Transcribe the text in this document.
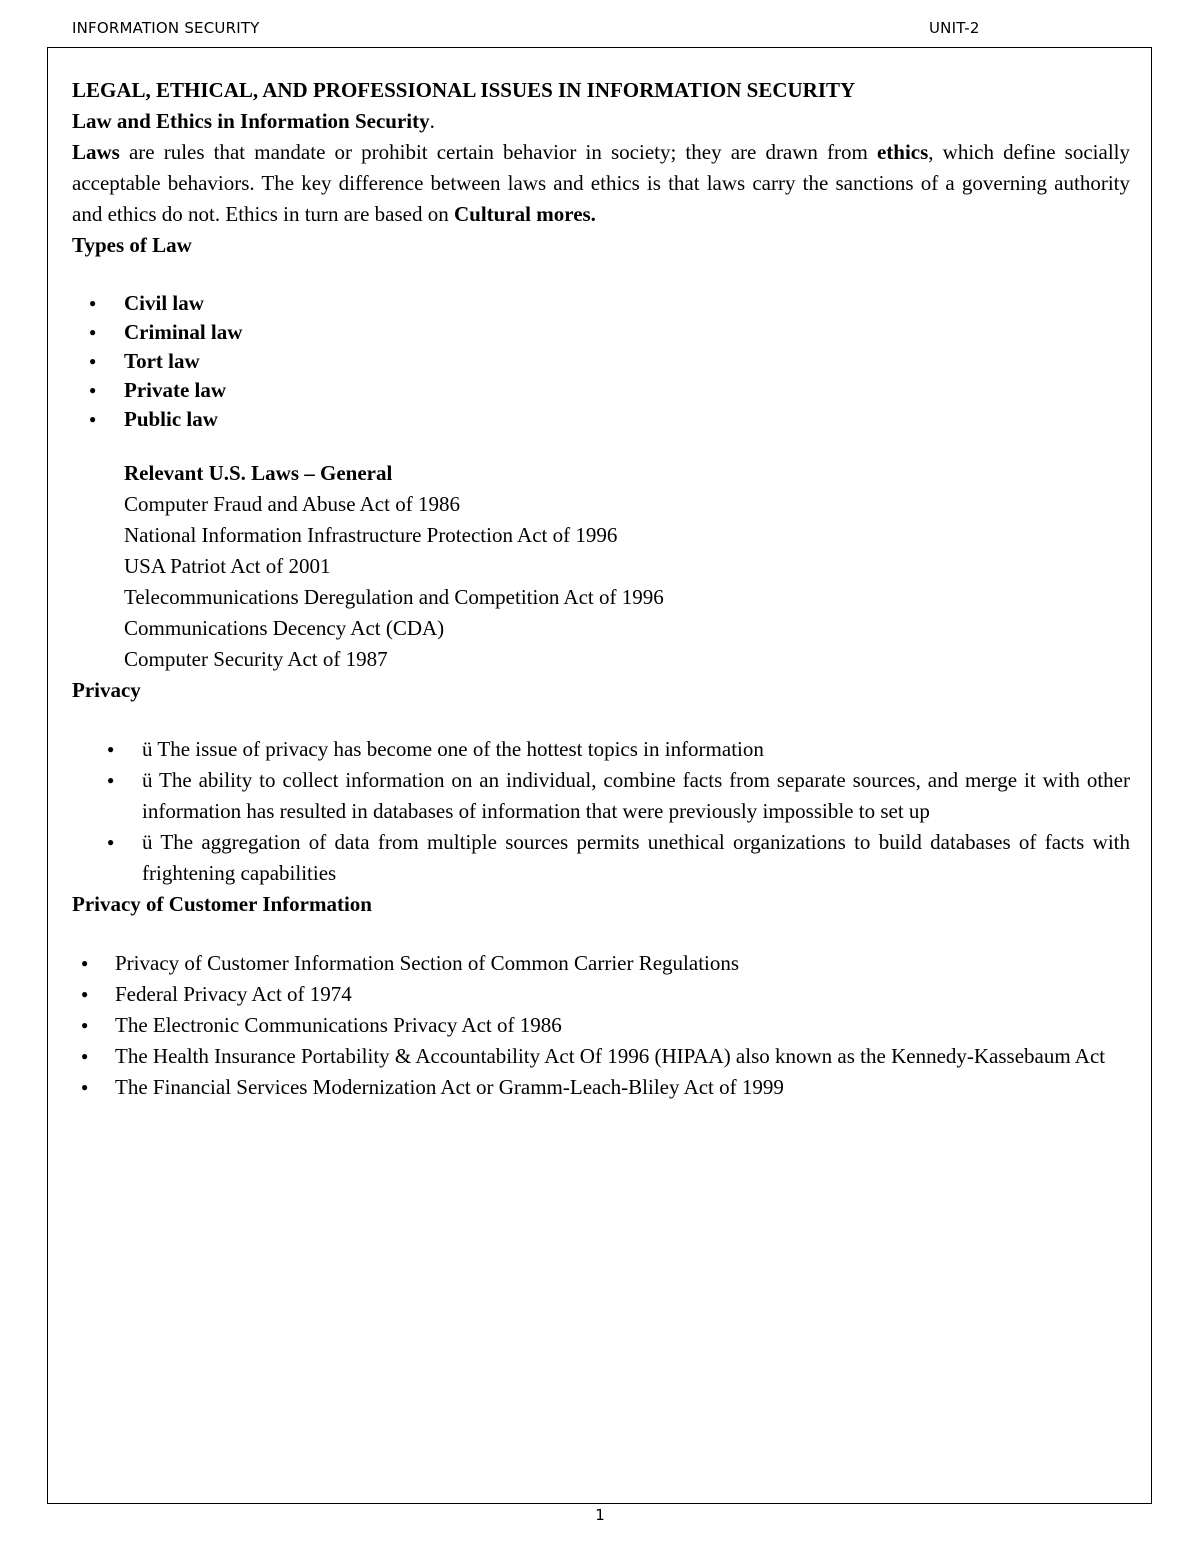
INFORMATION SECURITY	UNIT-2

LEGAL, ETHICAL, AND PROFESSIONAL ISSUES IN INFORMATION SECURITY

Law and Ethics in Information Security.

Laws are rules that mandate or prohibit certain behavior in society; they are drawn from ethics, which define socially acceptable behaviors. The key difference between laws and ethics is that laws carry the sanctions of a governing authority and ethics do not. Ethics in turn are based on Cultural mores.

Types of Law

● Civil law
● Criminal law
● Tort law
● Private law
● Public law

Relevant U.S. Laws – General

Computer Fraud and Abuse Act of 1986

National Information Infrastructure Protection Act of 1996

USA Patriot Act of 2001

Telecommunications Deregulation and Competition Act of 1996

Communications Decency Act (CDA)

Computer Security Act of 1987

Privacy

● ü The issue of privacy has become one of the hottest topics in information
● ü The ability to collect information on an individual, combine facts from separate sources, and merge it with other information has resulted in databases of information that were previously impossible to set up
● ü The aggregation of data from multiple sources permits unethical organizations to build databases of facts with frightening capabilities

Privacy of Customer Information

● Privacy of Customer Information Section of Common Carrier Regulations
● Federal Privacy Act of 1974
● The Electronic Communications Privacy Act of 1986
● The Health Insurance Portability & Accountability Act Of 1996 (HIPAA) also known as the Kennedy-Kassebaum Act
● The Financial Services Modernization Act or Gramm-Leach-Bliley Act of 1999
1
